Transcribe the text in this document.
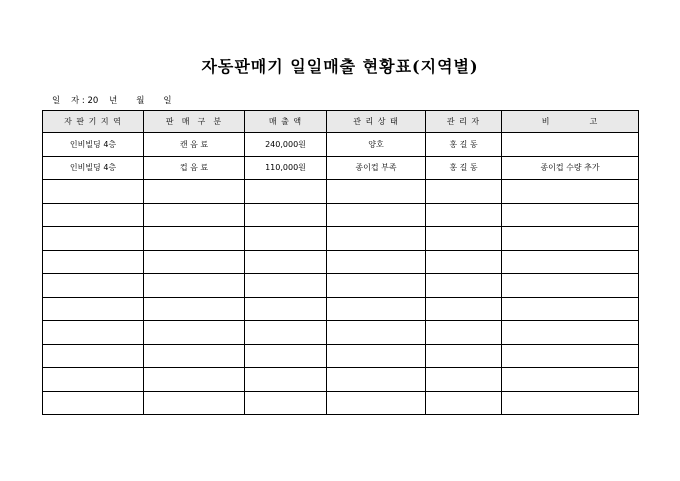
자동판매기 일일매출 현황표(지역별)
일    자 : 20    년       월       일
자 판 기 지 역	판  매  구  분	매 출 액	관 리 상 태	관 리 자	비           고
인비빌딩 4층	캔 음 료	240,000원	양호	홍 길 동	
인비빌딩 4층	컵 음 료	110,000원	종이컵 부족	홍 길 동	종이컵 수량 추가
